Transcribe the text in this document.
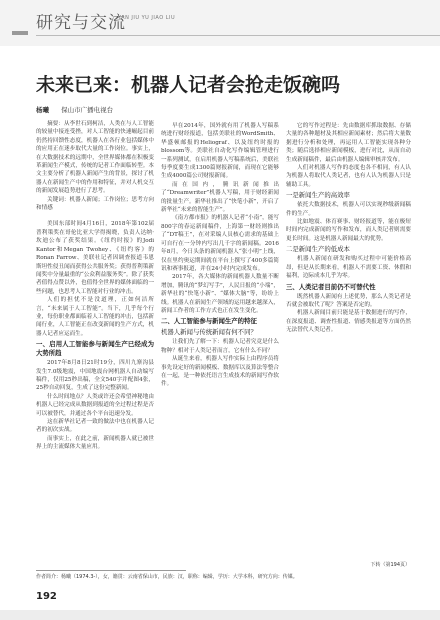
研究与交流
YAN JIU YU JIAO LIU
未来已来：机器人记者会抢走饭碗吗
杨曦 保山市广播电视台

摘要：从李世石到柯洁，人类在与人工智能的较量中接连受挫，对人工智能的快速崛起目前仍然持回馈性态度，机器人在各行业包括媒体中的应用正在迷步取代大量的工作岗位。事实上，在大数据技术的远期中，全世界媒体都在积极变革新闻生产模式，传统的记者工作面临转型。本文主要分析了机器人新闻产生的背景，探讨了机器人在新闻生产中的作用和特征，并对人机交互的新闻发展趋势进行了思考。

关键词：机器人新闻；工作岗位；思考方向和情感

美国东部时间4月16日，2018年第102届普利策奖在哥伦比亚大学得揭晓，负责人达纳·坎迪公布了获奖结果。《纽约时报》的Jodi Kantor和Megan Twohey、《纽约客》的Ronan Farrow、美联社记者因调查报道韦恩斯坦性侵丑闻而获得公共服务奖；获得普利策新闻奖中分量最重的“公众利益服务奖”。除了获奖者值得点赞以外，也值得全世界的媒体面临的一些问题，也思考人工智能对行业的冲击。

人们的担忧不是没道理，正如何洁所言，“未来属于人工智能”。当下，几乎每个行业，每份职业都面临着人工智能的冲击，包括新闻行业，人工智能正在改变新闻的生产方式，机器人记者应运而生。

一、启用人工智能参与新闻生产已经成为大势所趋

2017年8月8日21时19分，四川九寨沟县发生7.0级地震，中国地震台网机器人自动编写稿件，仅用25秒出稿，全文540字并配图4张，25秒自动回复，生成了这份完整新闻。

什么时间地点？人类或许还会希望神秘地由机器人已经完成从数据到报道的全过程过程是否可以被替代，并通过各个平台迅速分发。

这在新华社记者一致的做法中也在机器人记者的初次实战。

而事实上，在此之前，新闻机器人就已被世界上的主流媒体大量应用。

早在2014年，国外就有用了机器人写稿系统进行财经报道，包括美联社的WordSmith、华盛顿邮报的Heliograf、以及纽约时报的blossom等。美联社自动化写作编辑管理进行一系列测试，在启用机器人写稿系统后，美联社每季度要生成1300篇财报新闻，而现在它能够生成4000篇公司财报新闻。

而在国内，腾讯新闻推出了“Dreamwriter”机器人写稿，用于财经新闻的批量生产。新华社推出了“快笔小新”，开启了新华社“未来的智能生产”。

《南方都市报》的机器人记者“小南”，能写800字的春运新闻稿件，上海第一财经则推出了“DT稿王”，在对采编人员核心需求的基础上可自行在一分钟内写出几千字的新闻稿。2016年8月，今日头条的新闻机器人“张小明”上线，仅在里约奥运期间就在平台上撰写了400多篇简讯和赛事报道，并在24小时内完成发布。

2017年，各大媒体的新闻机器人数量不断增加，腾讯的“梦幻写手”，人民日报的“小端”，新华社的“快笔小新”、“媒体大脑”等，纷纷上线。机器人在新闻生产领域的运用越来越深入，新闻工作者的工作方式也正在发生变化。

二、人工智能参与新闻生产的特征
机器人新闻与传统新闻有何不同？

让我们先了解一下：机器人记者究竟是什么物种？相对于人类记者而言，它有什么不同？

从诞生来看，机器人写作实际上由程序员将事先设定好的新闻模板、数据库以及算法等整合在一起，是一种依托语言生成技术的新闻写作软件。

它的写作过程是：先由数据库抓取数据、存储大量的各种题材及其相应新闻素材；然后将大量数据进行分析和处理，再运用人工智能实现各种分类；随后选择相应新闻模板，进行对比，从而自动生成新闻稿件，最后由机器人编辑审核并发布。

人们对机器人写作的态度也各不相同，有人认为机器人将取代人类记者，也有人认为机器人只是辅助工具。

一是新闻生产的高效率

依托大数据技术，机器人可以实现秒级新闻稿件的生产。

比如地震、体育赛事、财经报道等，能在极短时间内完成新闻的写作和发布，而人类记者则需要更长时间。这是机器人新闻最大的优势。

二是新闻生产的低成本

机器人新闻在研发和购买过程中可能价格高昂，但是从长期来看，机器人不需要工资、休假和福利，边际成本几乎为零。

三、人类记者目前仍不可替代性

既然机器人新闻有上述优势，那么人类记者是否就会被取代了呢？答案是否定的。

机器人新闻目前只能是基于数据进行的写作，在深度报道、调查性报道、情感类报道等方面仍然无法替代人类记者。

下转（第194页）
作者简介：杨曦（1974.3-），女，籍贯：云南省保山市，民族：汉，职称：编辑，学历：大学本科，研究方向：传媒。
192
